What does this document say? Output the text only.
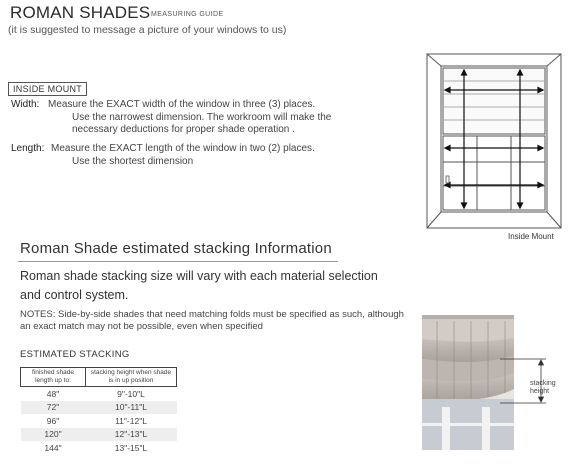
ROMAN SHADES MEASURING GUIDE
(it is suggested to message a picture of your windows to us)
INSIDE MOUNT
Width: Measure the EXACT width of the window in three (3) places.
Use the narrowest dimension. The workroom will make the
necessary deductions for proper shade operation .
Length: Measure the EXACT length of the window in two (2) places.
Use the shortest dimension
Inside Mount
Roman Shade estimated stacking Information
Roman shade stacking size will vary with each material selection and control system.
NOTES: Side-by-side shades that need matching folds must be specified as such, although an exact match may not be possible, even when specified
ESTIMATED STACKING
finished shade length up to:	stacking height when shade is in up position
48"	9"-10"L
72"	10"-11"L
96"	11"-12"L
120"	12"-13"L
144"	13"-15"L
stacking
height
